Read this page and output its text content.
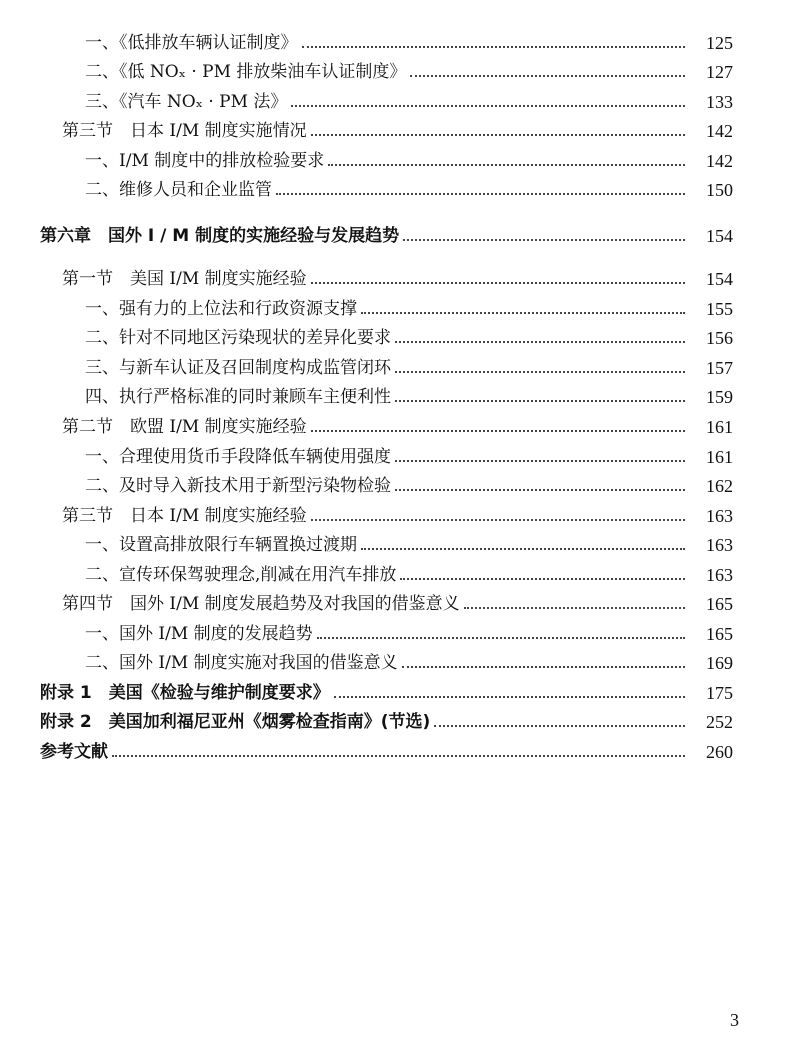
一、《低排放车辆认证制度》	125
二、《低 NOₓ · PM 排放柴油车认证制度》	127
三、《汽车 NOₓ · PM 法》	133
第三节　日本 I/M 制度实施情况	142
一、I/M 制度中的排放检验要求	142
二、维修人员和企业监管	150
第六章　国外 I / M 制度的实施经验与发展趋势	154
第一节　美国 I/M 制度实施经验	154
一、强有力的上位法和行政资源支撑	155
二、针对不同地区污染现状的差异化要求	156
三、与新车认证及召回制度构成监管闭环	157
四、执行严格标准的同时兼顾车主便利性	159
第二节　欧盟 I/M 制度实施经验	161
一、合理使用货币手段降低车辆使用强度	161
二、及时导入新技术用于新型污染物检验	162
第三节　日本 I/M 制度实施经验	163
一、设置高排放限行车辆置换过渡期	163
二、宣传环保驾驶理念,削减在用汽车排放	163
第四节　国外 I/M 制度发展趋势及对我国的借鉴意义	165
一、国外 I/M 制度的发展趋势	165
二、国外 I/M 制度实施对我国的借鉴意义	169
附录 1　美国《检验与维护制度要求》	175
附录 2　美国加利福尼亚州《烟雾检查指南》(节选)	252
参考文献	260
3
